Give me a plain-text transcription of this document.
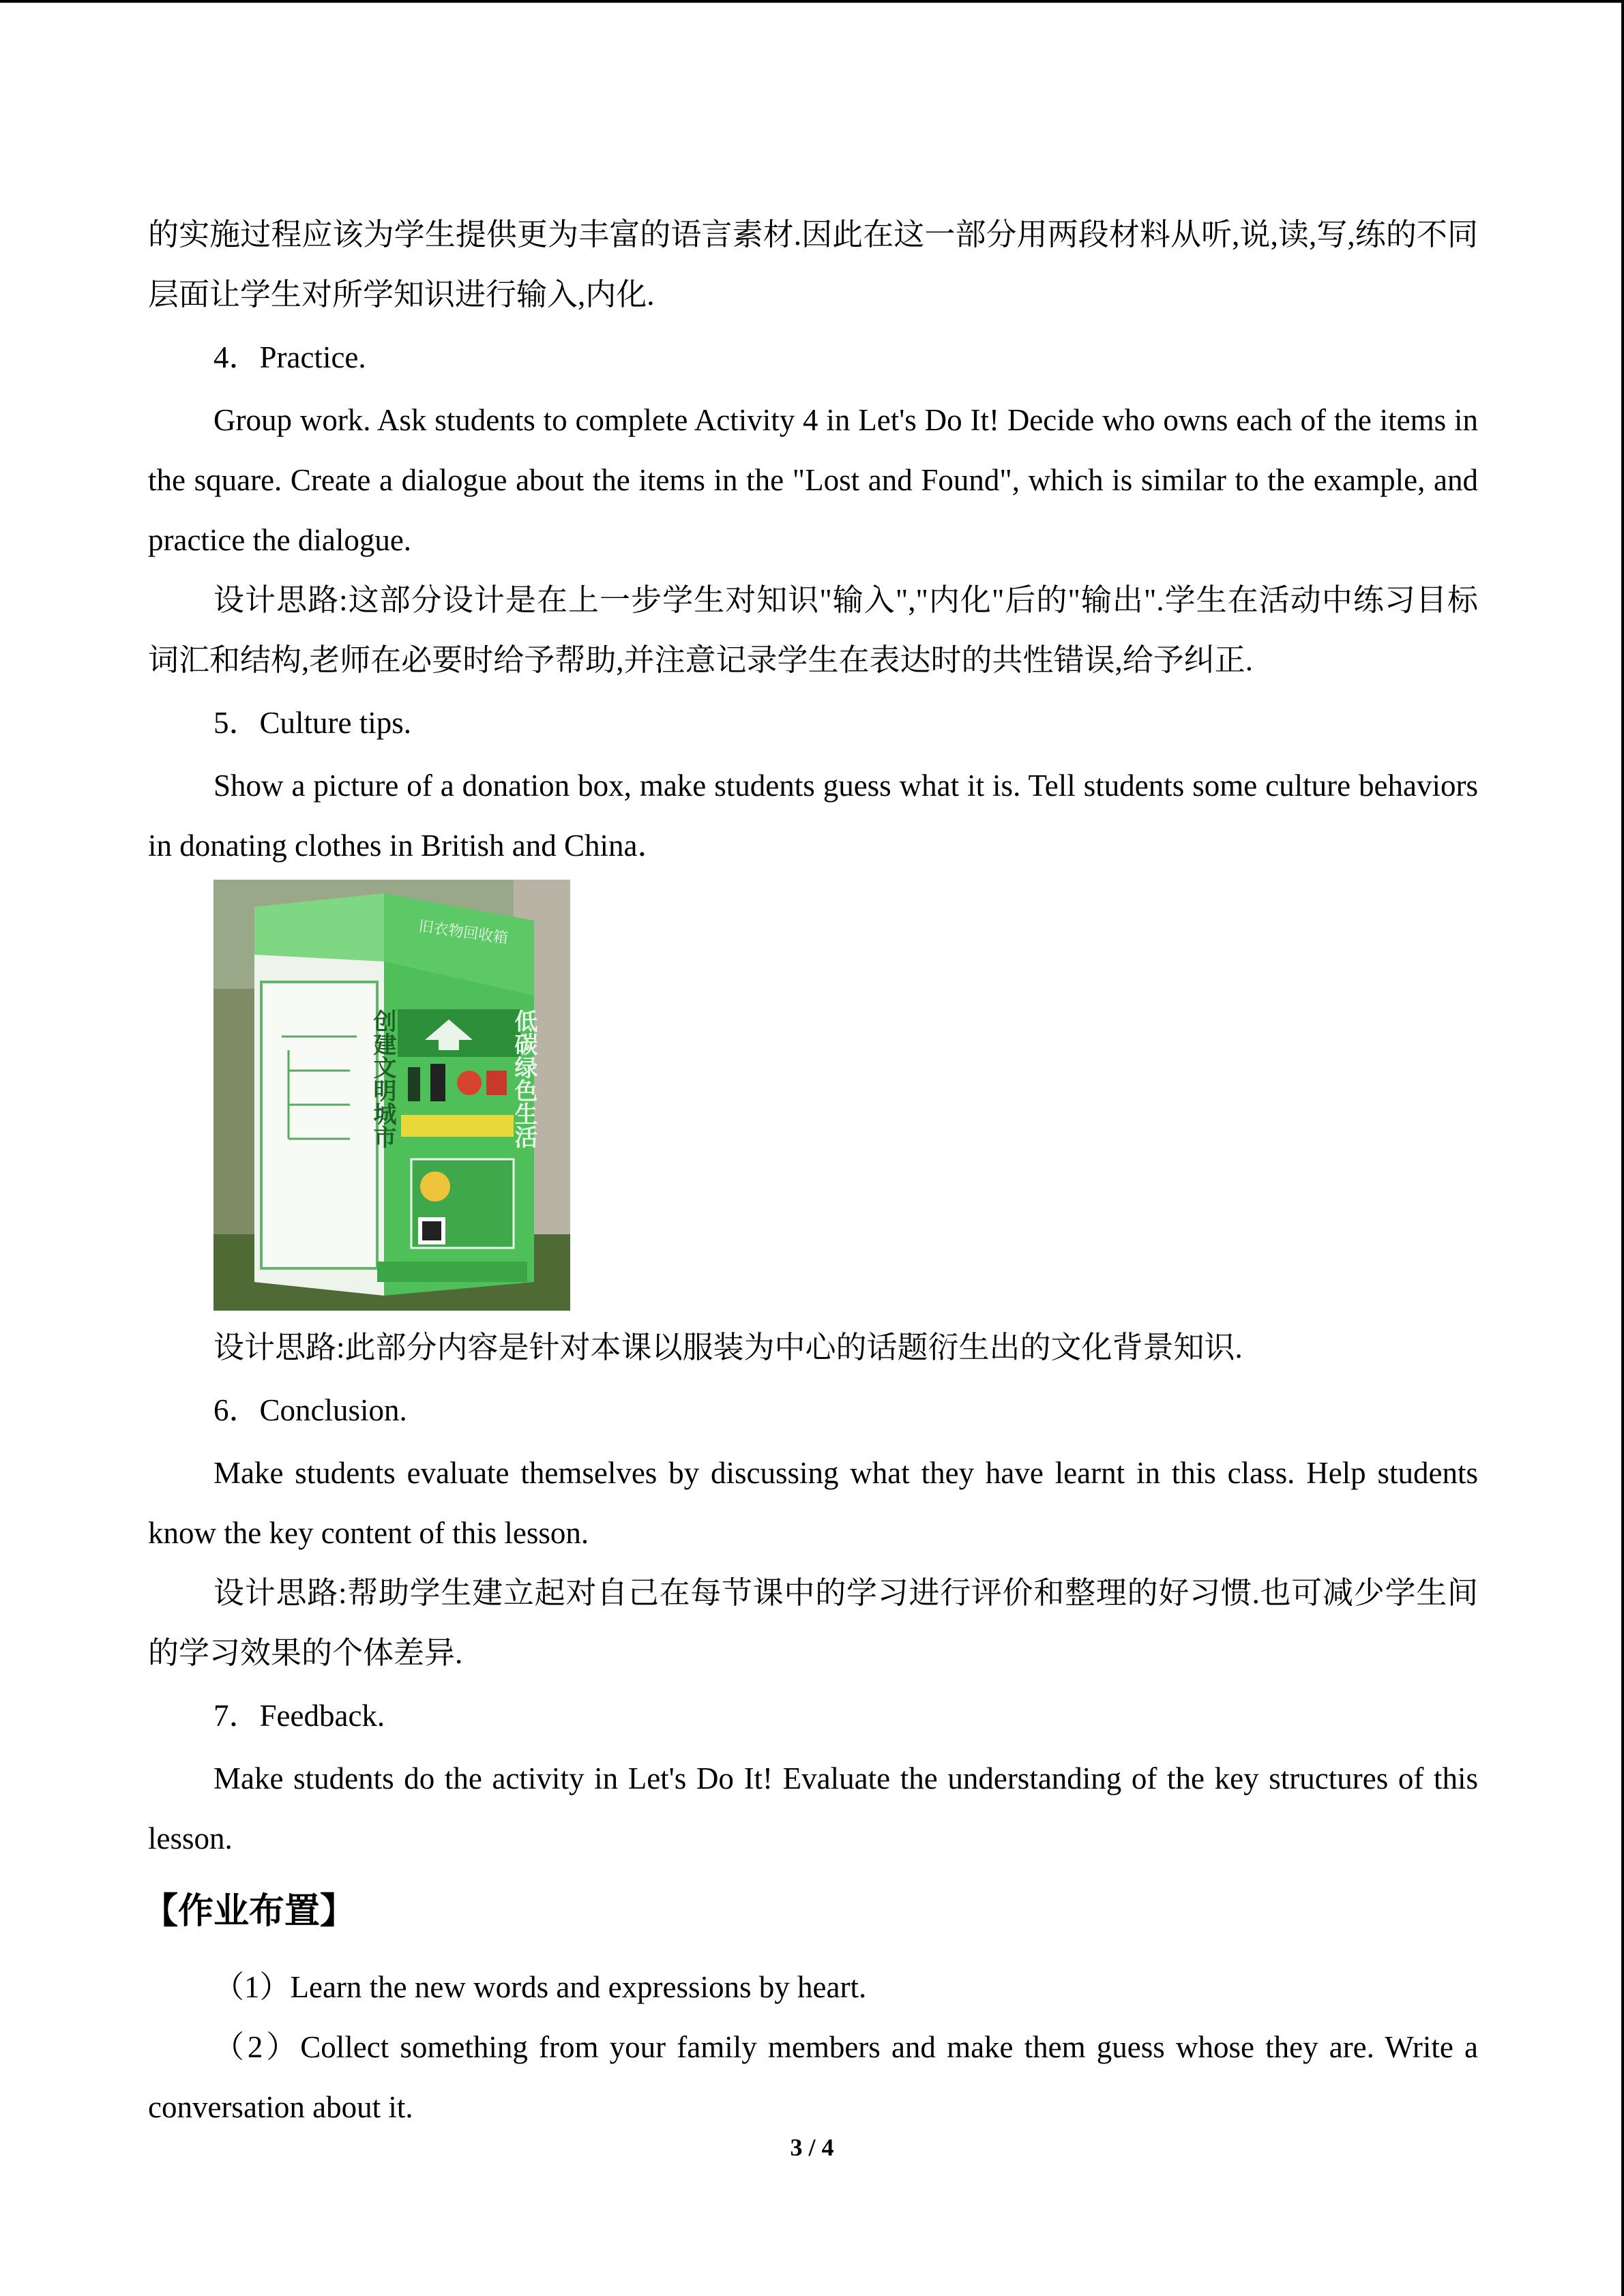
的实施过程应该为学生提供更为丰富的语言素材.因此在这一部分用两段材料从听,说,读,写,练的不同层面让学生对所学知识进行输入,内化.

4．Practice.

Group work. Ask students to complete Activity 4 in Let's Do It! Decide who owns each of the items in the square. Create a dialogue about the items in the "Lost and Found", which is similar to the example, and practice the dialogue.

设计思路:这部分设计是在上一步学生对知识"输入","内化"后的"输出".学生在活动中练习目标词汇和结构,老师在必要时给予帮助,并注意记录学生在表达时的共性错误,给予纠正.

5．Culture tips.

Show a picture of a donation box, make students guess what it is. Tell students some culture behaviors in donating clothes in British and China．

旧衣物回收箱
创建文明城市	低碳绿色生活

设计思路:此部分内容是针对本课以服装为中心的话题衍生出的文化背景知识.

6．Conclusion.

Make students evaluate themselves by discussing what they have learnt in this class. Help students know the key content of this lesson.

设计思路:帮助学生建立起对自己在每节课中的学习进行评价和整理的好习惯.也可减少学生间的学习效果的个体差异.

7．Feedback.

Make students do the activity in Let's Do It! Evaluate the understanding of the key structures of this lesson.

【作业布置】

（1）Learn the new words and expressions by heart.

（2）Collect something from your family members and make them guess whose they are. Write a conversation about it.

3 / 4
